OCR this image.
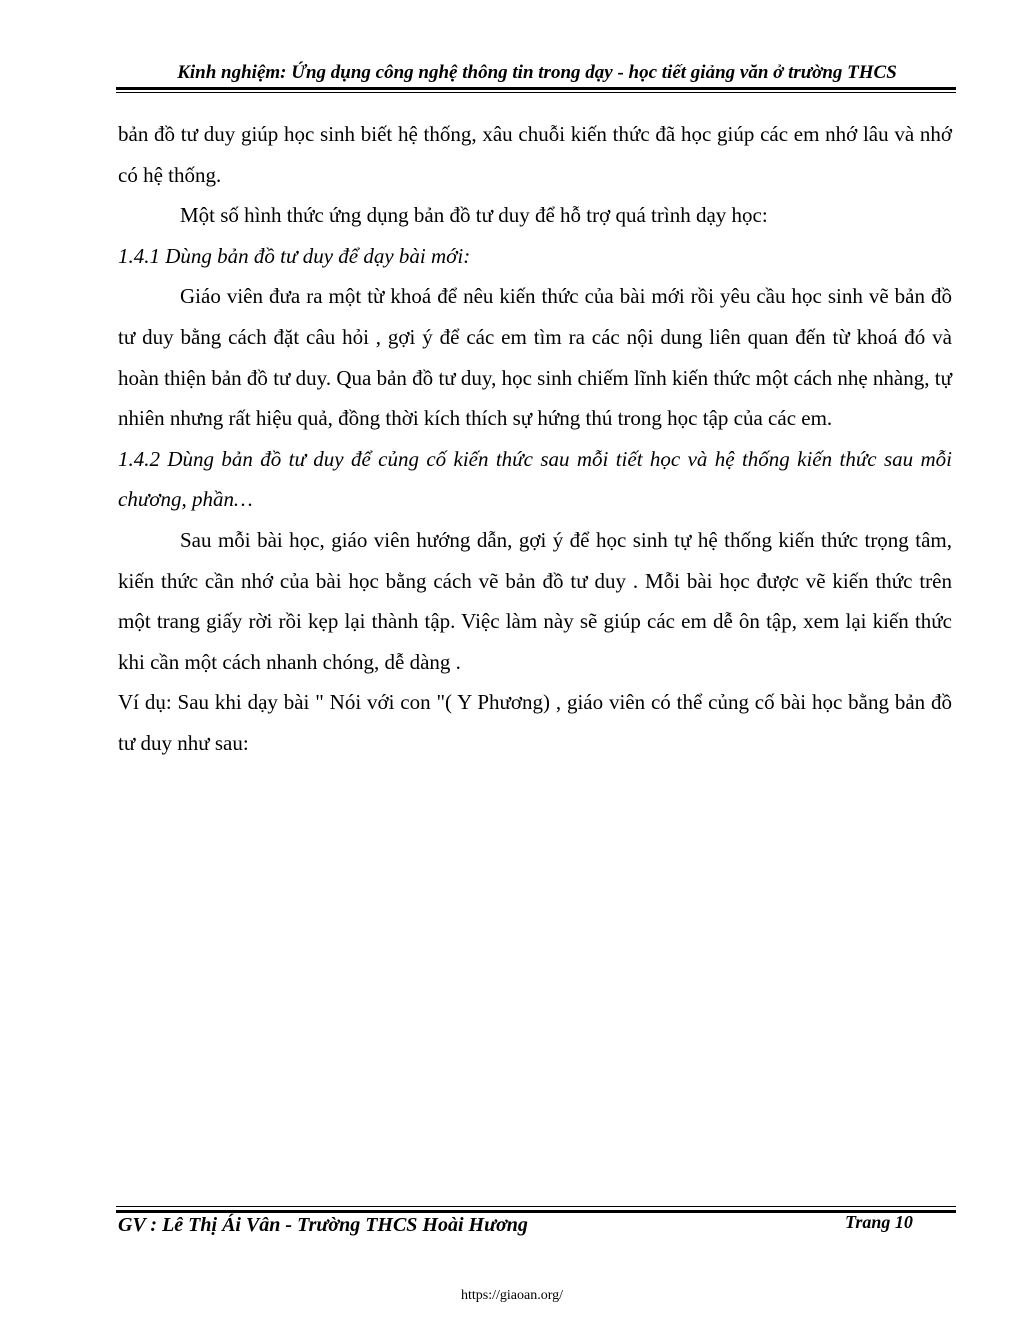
Kinh nghiệm: Ứng dụng công nghệ thông tin trong dạy - học tiết giảng văn ở trường THCS

bản đồ tư duy giúp học sinh biết hệ thống, xâu chuỗi kiến thức đã học giúp các em nhớ lâu và nhớ có hệ thống.

Một số hình thức ứng dụng bản đồ tư duy để hỗ trợ quá trình dạy học:

1.4.1 Dùng bản đồ tư duy để dạy bài mới:

Giáo viên đưa ra một từ khoá để nêu kiến thức của bài mới rồi yêu cầu học sinh vẽ bản đồ tư duy bằng cách đặt câu hỏi , gợi ý để các em tìm ra các nội dung liên quan đến từ khoá đó và hoàn thiện bản đồ tư duy. Qua bản đồ tư duy, học sinh chiếm lĩnh kiến thức một cách nhẹ nhàng, tự nhiên nhưng rất hiệu quả, đồng thời kích thích sự hứng thú trong học tập của các em.

1.4.2 Dùng bản đồ tư duy để củng cố kiến thức sau mỗi tiết học và hệ thống kiến thức sau mỗi chương, phần…

Sau mỗi bài học, giáo viên hướng dẫn, gợi ý để học sinh tự hệ thống kiến thức trọng tâm, kiến thức cần nhớ của bài học bằng cách vẽ bản đồ tư duy . Mỗi bài học được vẽ kiến thức trên một trang giấy rời rồi kẹp lại thành tập. Việc làm này sẽ giúp các em dễ ôn tập, xem lại kiến thức khi cần một cách nhanh chóng, dễ dàng .

Ví dụ: Sau khi dạy bài " Nói với con "( Y Phương) , giáo viên có thể củng cố bài học bằng bản đồ tư duy như sau:

GV : Lê Thị Ái Vân - Trường THCS Hoài Hương	Trang 10
https://giaoan.org/
